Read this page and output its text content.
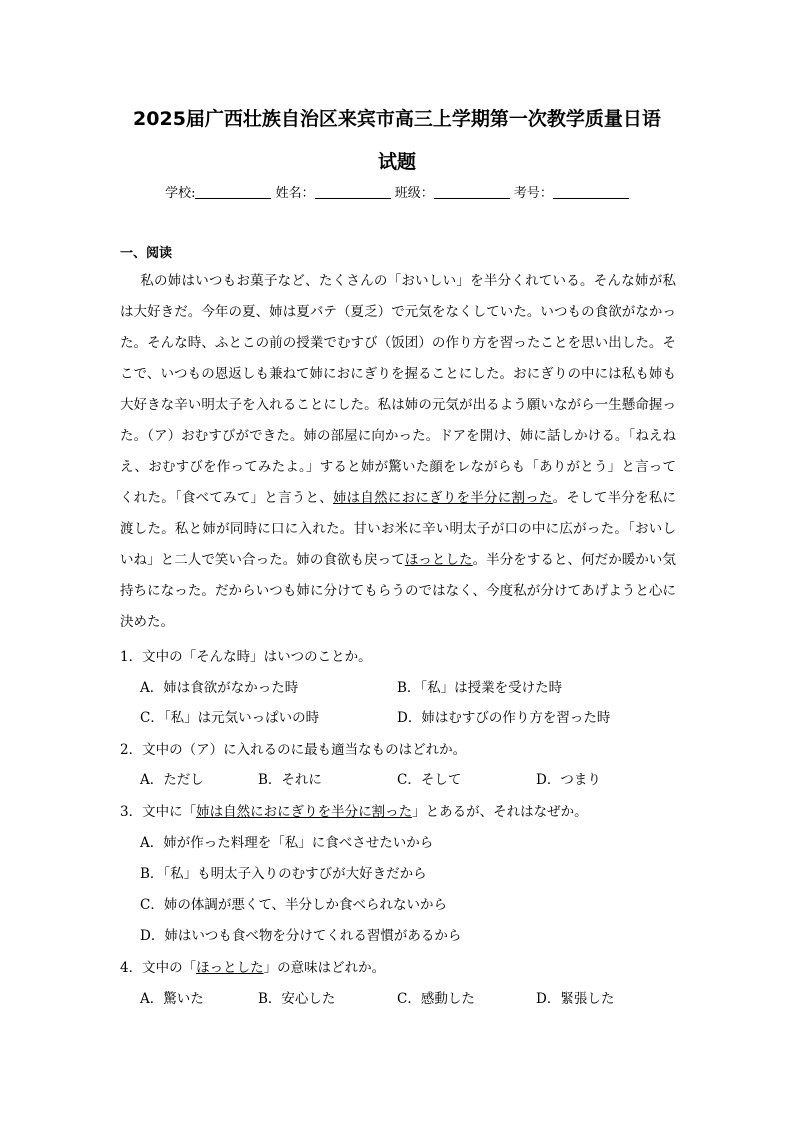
2025届广西壮族自治区来宾市高三上学期第一次教学质量日语
试题
学校:	姓名：	班级：	考号：
一、阅读

私の姉はいつもお菓子など、たくさんの「おいしい」を半分くれている。そんな姉が私は大好きだ。今年の夏、姉は夏バテ（夏乏）で元気をなくしていた。いつもの食欲がなかった。そんな時、ふとこの前の授業でむすび（饭团）の作り方を習ったことを思い出した。そこで、いつもの恩返しも兼ねて姉におにぎりを握ることにした。おにぎりの中には私も姉も大好きな辛い明太子を入れることにした。私は姉の元気が出るよう願いながら一生懸命握った。（ア）おむすびができた。姉の部屋に向かった。ドアを開け、姉に話しかける。「ねえねえ、おむすびを作ってみたよ。」すると姉が驚いた顔をレながらも「ありがとう」と言ってくれた。「食べてみて」と言うと、姉は自然におにぎりを半分に割った。そして半分を私に渡した。私と姉が同時に口に入れた。甘いお米に辛い明太子が口の中に広がった。「おいしいね」と二人で笑い合った。姉の食欲も戻ってほっとした。半分をすると、何だか暖かい気持ちになった。だからいつも姉に分けてもらうのではなく、今度私が分けてあげようと心に決めた。

1．文中の「そんな時」はいつのことか。
A．姉は食欲がなかった時	B．「私」は授業を受けた時
C．「私」は元気いっぱいの時	D．姉はむすびの作り方を習った時
2．文中の（ア）に入れるのに最も適当なものはどれか。
A．ただし	B．それに	C．そして	D．つまり
3．文中に「姉は自然におにぎりを半分に割った」とあるが、それはなぜか。
A．姉が作った料理を「私」に食べさせたいから
B．「私」も明太子入りのむすびが大好きだから
C．姉の体調が悪くて、半分しか食べられないから
D．姉はいつも食べ物を分けてくれる習慣があるから
4．文中の「ほっとした」の意味はどれか。
A．驚いた	B．安心した	C．感動した	D．緊張した
